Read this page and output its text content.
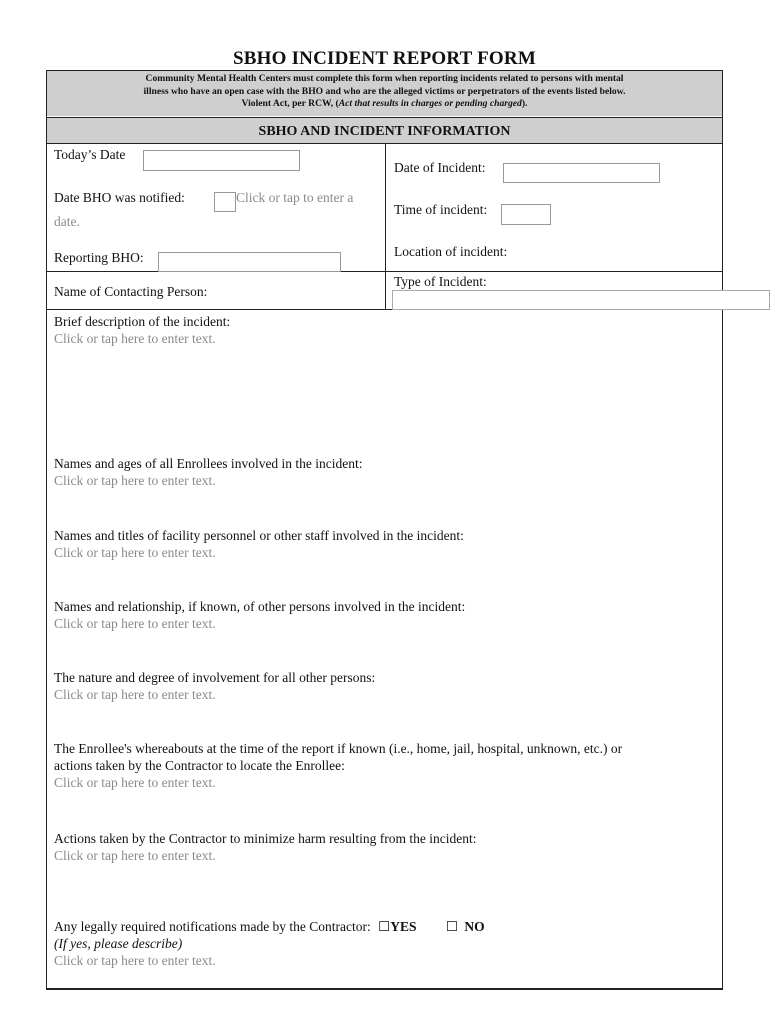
SBHO INCIDENT REPORT FORM
Community Mental Health Centers must complete this form when reporting incidents related to persons with mental
illness who have an open case with the BHO and who are the alleged victims or perpetrators of the events listed below.
Violent Act, per RCW, (Act that results in charges or pending charged).
SBHO AND INCIDENT INFORMATION
Today’s Date
Date BHO was notified:	Click or tap to enter a
date.
Reporting BHO:
Date of Incident:
Time of incident:
Location of incident:
Name of Contacting Person:
Type of Incident:
Brief description of the incident:
Click or tap here to enter text.
Names and ages of all Enrollees involved in the incident:
Click or tap here to enter text.
Names and titles of facility personnel or other staff involved in the incident:
Click or tap here to enter text.
Names and relationship, if known, of other persons involved in the incident:
Click or tap here to enter text.
The nature and degree of involvement for all other persons:
Click or tap here to enter text.
The Enrollee's whereabouts at the time of the report if known (i.e., home, jail, hospital, unknown, etc.) or
actions taken by the Contractor to locate the Enrollee:
Click or tap here to enter text.
Actions taken by the Contractor to minimize harm resulting from the incident:
Click or tap here to enter text.
Any legally required notifications made by the Contractor: ☐YES ☐ NO
(If yes, please describe)
Click or tap here to enter text.
